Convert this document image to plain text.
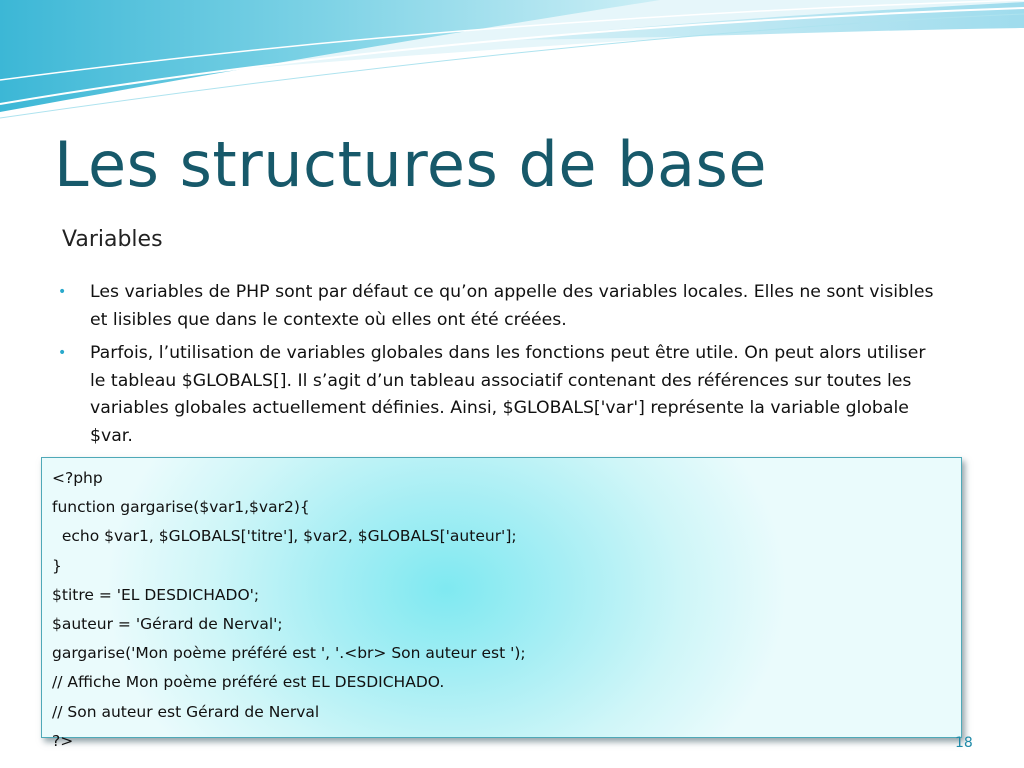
Les structures de base
Variables
• Les variables de PHP sont par défaut ce qu’on appelle des variables locales. Elles ne sont visibles et lisibles que dans le contexte où elles ont été créées.
• Parfois, l’utilisation de variables globales dans les fonctions peut être utile. On peut alors utiliser le tableau $GLOBALS[]. Il s’agit d’un tableau associatif contenant des références sur toutes les variables globales actuellement définies. Ainsi, $GLOBALS['var'] représente la variable globale $var.
<?php
function gargarise($var1,$var2){
echo $var1, $GLOBALS['titre'], $var2, $GLOBALS['auteur'];
}
$titre = 'EL DESDICHADO';
$auteur = 'Gérard de Nerval';
gargarise('Mon poème préféré est ', '.<br> Son auteur est ');
// Affiche Mon poème préféré est EL DESDICHADO.
// Son auteur est Gérard de Nerval
?>	18
